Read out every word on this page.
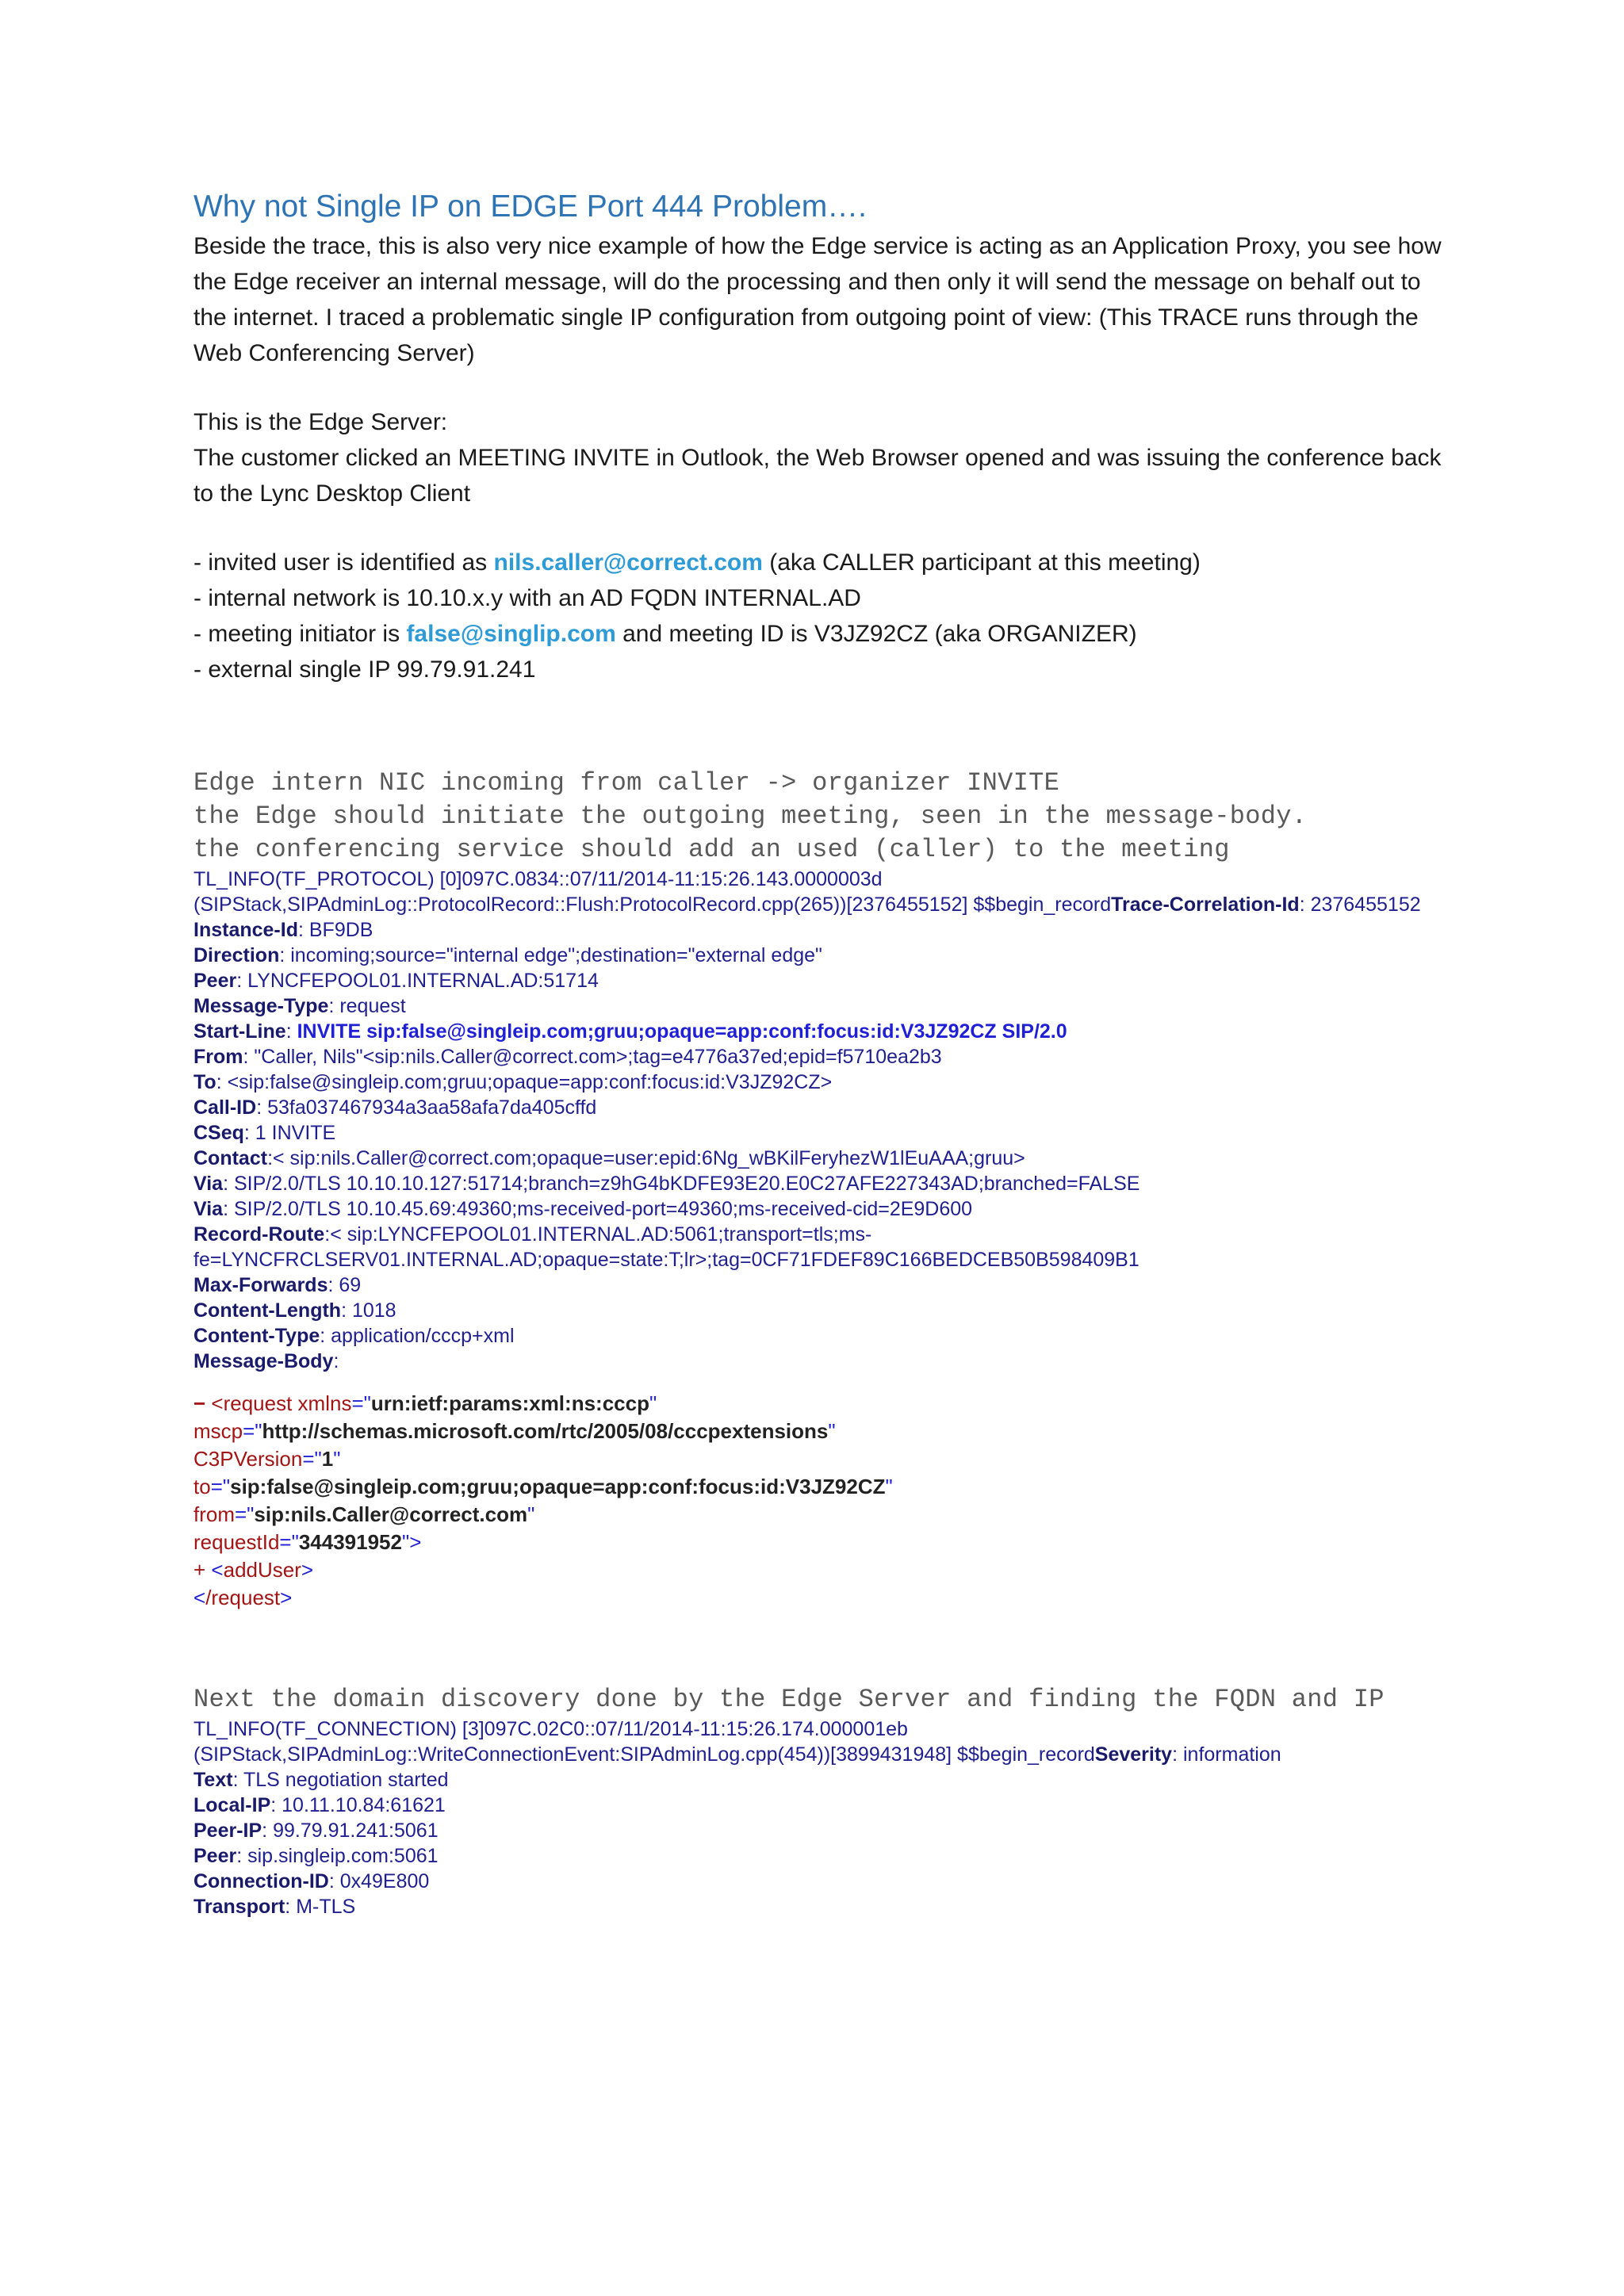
Why not Single IP on EDGE Port 444 Problem….

Beside the trace, this is also very nice example of how the Edge service is acting as an Application Proxy, you see how the Edge receiver an internal message, will do the processing and then only it will send the message on behalf out to the internet. I traced a problematic single IP configuration from outgoing point of view: (This TRACE runs through the Web Conferencing Server)

This is the Edge Server:

The customer clicked an MEETING INVITE in Outlook, the Web Browser opened and was issuing the conference back to the Lync Desktop Client

- invited user is identified as nils.caller@correct.com (aka CALLER participant at this meeting)

- internal network is 10.10.x.y with an AD FQDN INTERNAL.AD

- meeting initiator is false@singlip.com and meeting ID is V3JZ92CZ (aka ORGANIZER)

- external single IP 99.79.91.241

Edge intern NIC incoming from caller -> organizer INVITE

the Edge should initiate the outgoing meeting, seen in the message-body.

the conferencing service should add an used (caller) to the meeting

TL_INFO(TF_PROTOCOL) [0]097C.0834::07/11/2014-11:15:26.143.0000003d

(SIPStack,SIPAdminLog::ProtocolRecord::Flush:ProtocolRecord.cpp(265))[2376455152] $$begin_recordTrace-Correlation-Id: 2376455152

Instance-Id: BF9DB

Direction: incoming;source="internal edge";destination="external edge"

Peer: LYNCFEPOOL01.INTERNAL.AD:51714

Message-Type: request

Start-Line: INVITE sip:false@singleip.com;gruu;opaque=app:conf:focus:id:V3JZ92CZ SIP/2.0

From: "Caller, Nils"<sip:nils.Caller@correct.com>;tag=e4776a37ed;epid=f5710ea2b3

To: <sip:false@singleip.com;gruu;opaque=app:conf:focus:id:V3JZ92CZ>

Call-ID: 53fa037467934a3aa58afa7da405cffd

CSeq: 1 INVITE

Contact:< sip:nils.Caller@correct.com;opaque=user:epid:6Ng_wBKilFeryhezW1lEuAAA;gruu>

Via: SIP/2.0/TLS 10.10.10.127:51714;branch=z9hG4bKDFE93E20.E0C27AFE227343AD;branched=FALSE

Via: SIP/2.0/TLS 10.10.45.69:49360;ms-received-port=49360;ms-received-cid=2E9D600

Record-Route:< sip:LYNCFEPOOL01.INTERNAL.AD:5061;transport=tls;ms-fe=LYNCFRCLSERV01.INTERNAL.AD;opaque=state:T;lr>;tag=0CF71FDEF89C166BEDCEB50B598409B1

Max-Forwards: 69

Content-Length: 1018

Content-Type: application/cccp+xml

Message-Body:

− <request xmlns="urn:ietf:params:xml:ns:cccp"

mscp="http://schemas.microsoft.com/rtc/2005/08/cccpextensions"

C3PVersion="1"

to="sip:false@singleip.com;gruu;opaque=app:conf:focus:id:V3JZ92CZ"

from="sip:nils.Caller@correct.com"

requestId="344391952">

+ <addUser>

</request>

Next the domain discovery done by the Edge Server and finding the FQDN and IP

TL_INFO(TF_CONNECTION) [3]097C.02C0::07/11/2014-11:15:26.174.000001eb

(SIPStack,SIPAdminLog::WriteConnectionEvent:SIPAdminLog.cpp(454))[3899431948] $$begin_recordSeverity: information

Text: TLS negotiation started

Local-IP: 10.11.10.84:61621

Peer-IP: 99.79.91.241:5061

Peer: sip.singleip.com:5061

Connection-ID: 0x49E800

Transport: M-TLS
